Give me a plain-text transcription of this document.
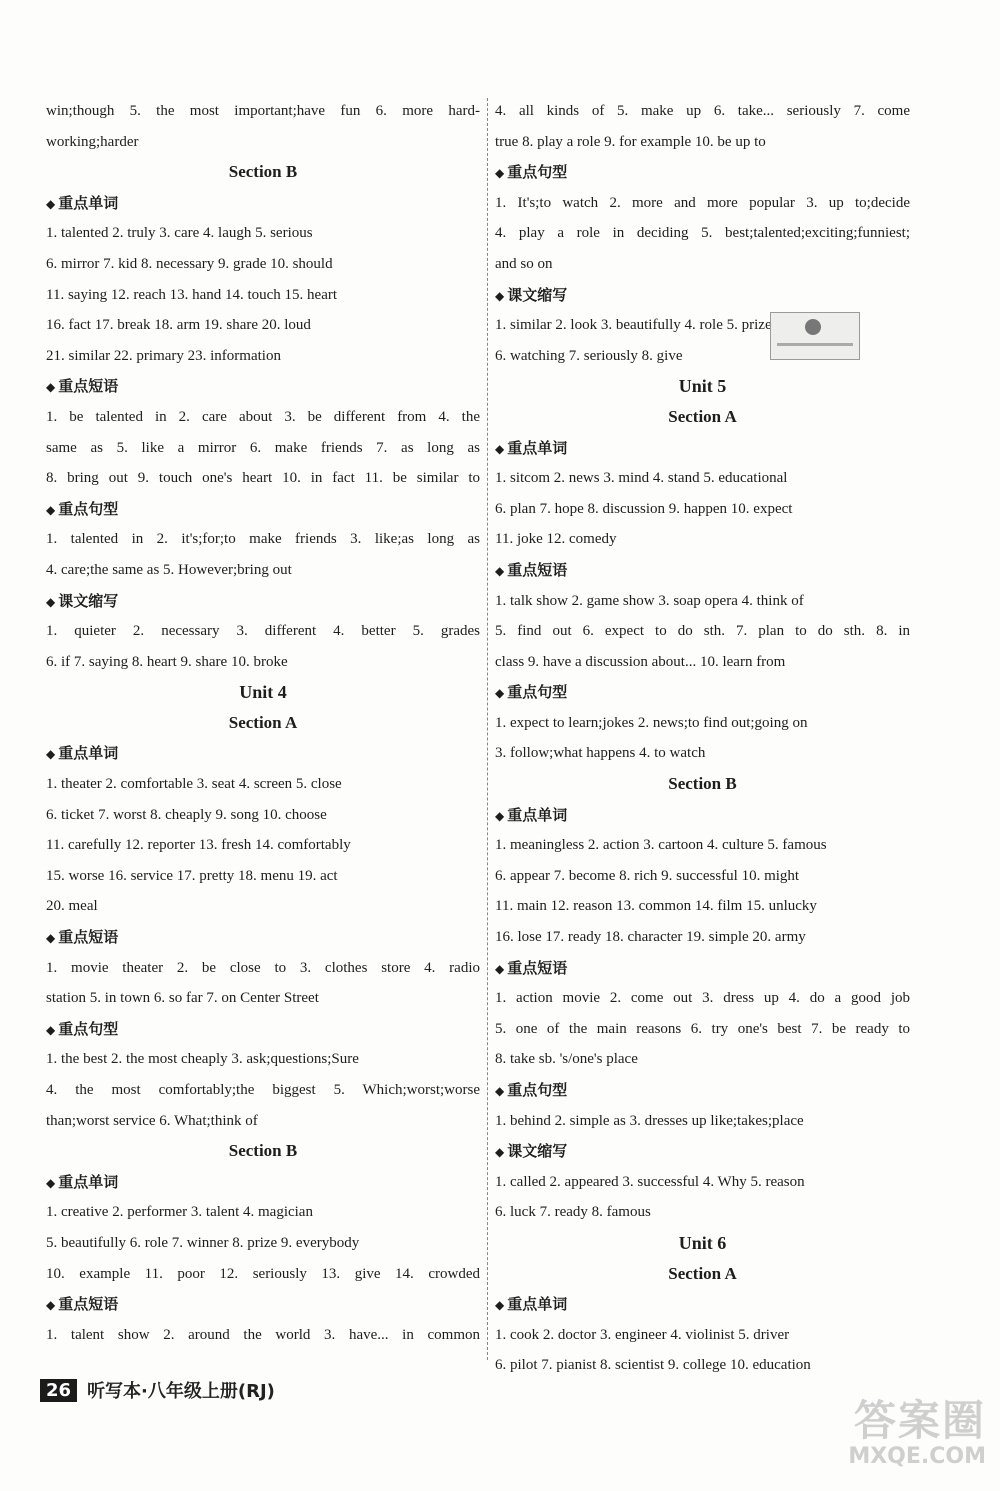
win;though 5. the most important;have fun 6. more hard-
working;harder
Section B
◆ 重点单词
1. talented 2. truly 3. care 4. laugh 5. serious
6. mirror 7. kid 8. necessary 9. grade 10. should
11. saying 12. reach 13. hand 14. touch 15. heart
16. fact 17. break 18. arm 19. share 20. loud
21. similar 22. primary 23. information
◆ 重点短语
1. be talented in 2. care about 3. be different from 4. the
same as 5. like a mirror 6. make friends 7. as long as
8. bring out 9. touch one's heart 10. in fact 11. be similar to
◆ 重点句型
1. talented in 2. it's;for;to make friends 3. like;as long as
4. care;the same as 5. However;bring out
◆ 课文缩写
1. quieter 2. necessary 3. different 4. better 5. grades
6. if 7. saying 8. heart 9. share 10. broke
Unit 4
Section A
◆ 重点单词
1. theater 2. comfortable 3. seat 4. screen 5. close
6. ticket 7. worst 8. cheaply 9. song 10. choose
11. carefully 12. reporter 13. fresh 14. comfortably
15. worse 16. service 17. pretty 18. menu 19. act
20. meal
◆ 重点短语
1. movie theater 2. be close to 3. clothes store 4. radio
station 5. in town 6. so far 7. on Center Street
◆ 重点句型
1. the best 2. the most cheaply 3. ask;questions;Sure
4. the most comfortably;the biggest 5. Which;worst;worse
than;worst service 6. What;think of
Section B
◆ 重点单词
1. creative 2. performer 3. talent 4. magician
5. beautifully 6. role 7. winner 8. prize 9. everybody
10. example 11. poor 12. seriously 13. give 14. crowded
◆ 重点短语
1. talent show 2. around the world 3. have... in common
4. all kinds of 5. make up 6. take... seriously 7. come
true 8. play a role 9. for example 10. be up to
◆ 重点句型
1. It's;to watch 2. more and more popular 3. up to;decide
4. play a role in deciding 5. best;talented;exciting;funniest;
and so on
◆ 课文缩写
1. similar 2. look 3. beautifully 4. role 5. prize
6. watching 7. seriously 8. give
Unit 5
Section A
◆ 重点单词
1. sitcom 2. news 3. mind 4. stand 5. educational
6. plan 7. hope 8. discussion 9. happen 10. expect
11. joke 12. comedy
◆ 重点短语
1. talk show 2. game show 3. soap opera 4. think of
5. find out 6. expect to do sth. 7. plan to do sth. 8. in
class 9. have a discussion about... 10. learn from
◆ 重点句型
1. expect to learn;jokes 2. news;to find out;going on
3. follow;what happens 4. to watch
Section B
◆ 重点单词
1. meaningless 2. action 3. cartoon 4. culture 5. famous
6. appear 7. become 8. rich 9. successful 10. might
11. main 12. reason 13. common 14. film 15. unlucky
16. lose 17. ready 18. character 19. simple 20. army
◆ 重点短语
1. action movie 2. come out 3. dress up 4. do a good job
5. one of the main reasons 6. try one's best 7. be ready to
8. take sb. 's/one's place
◆ 重点句型
1. behind 2. simple as 3. dresses up like;takes;place
◆ 课文缩写
1. called 2. appeared 3. successful 4. Why 5. reason
6. luck 7. ready 8. famous
Unit 6
Section A
◆ 重点单词
1. cook 2. doctor 3. engineer 4. violinist 5. driver
6. pilot 7. pianist 8. scientist 9. college 10. education
26 听写本·八年级上册(RJ)
答案圈
MXQE.COM
